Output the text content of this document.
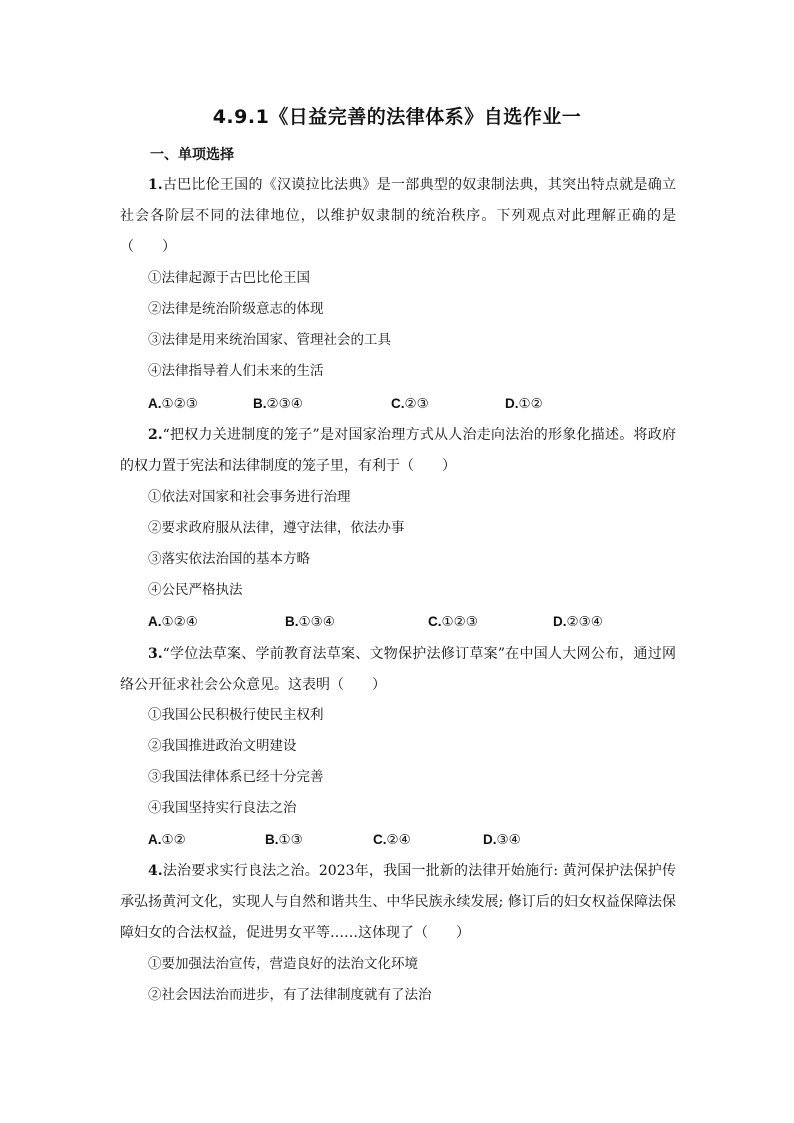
4.9.1《日益完善的法律体系》自选作业一
一、单项选择
1.古巴比伦王国的《汉谟拉比法典》是一部典型的奴隶制法典，其突出特点就是确立社会各阶层不同的法律地位，以维护奴隶制的统治秩序。下列观点对此理解正确的是（　　）
①法律起源于古巴比伦王国
②法律是统治阶级意志的体现
③法律是用来统治国家、管理社会的工具
④法律指导着人们未来的生活
A.①②③	B.②③④	C.②③	D.①②
2.“把权力关进制度的笼子”是对国家治理方式从人治走向法治的形象化描述。将政府的权力置于宪法和法律制度的笼子里，有利于（　　）
①依法对国家和社会事务进行治理
②要求政府服从法律，遵守法律，依法办事
③落实依法治国的基本方略
④公民严格执法
A.①②④	B.①③④	C.①②③	D.②③④
3.“学位法草案、学前教育法草案、文物保护法修订草案”在中国人大网公布，通过网络公开征求社会公众意见。这表明（　　）
①我国公民积极行使民主权利
②我国推进政治文明建设
③我国法律体系已经十分完善
④我国坚持实行良法之治
A.①②	B.①③	C.②④	D.③④
4.法治要求实行良法之治。2023年，我国一批新的法律开始施行: 黄河保护法保护传承弘扬黄河文化，实现人与自然和谐共生、中华民族永续发展; 修订后的妇女权益保障法保障妇女的合法权益，促进男女平等……这体现了（　　）
①要加强法治宣传，营造良好的法治文化环境
②社会因法治而进步，有了法律制度就有了法治
